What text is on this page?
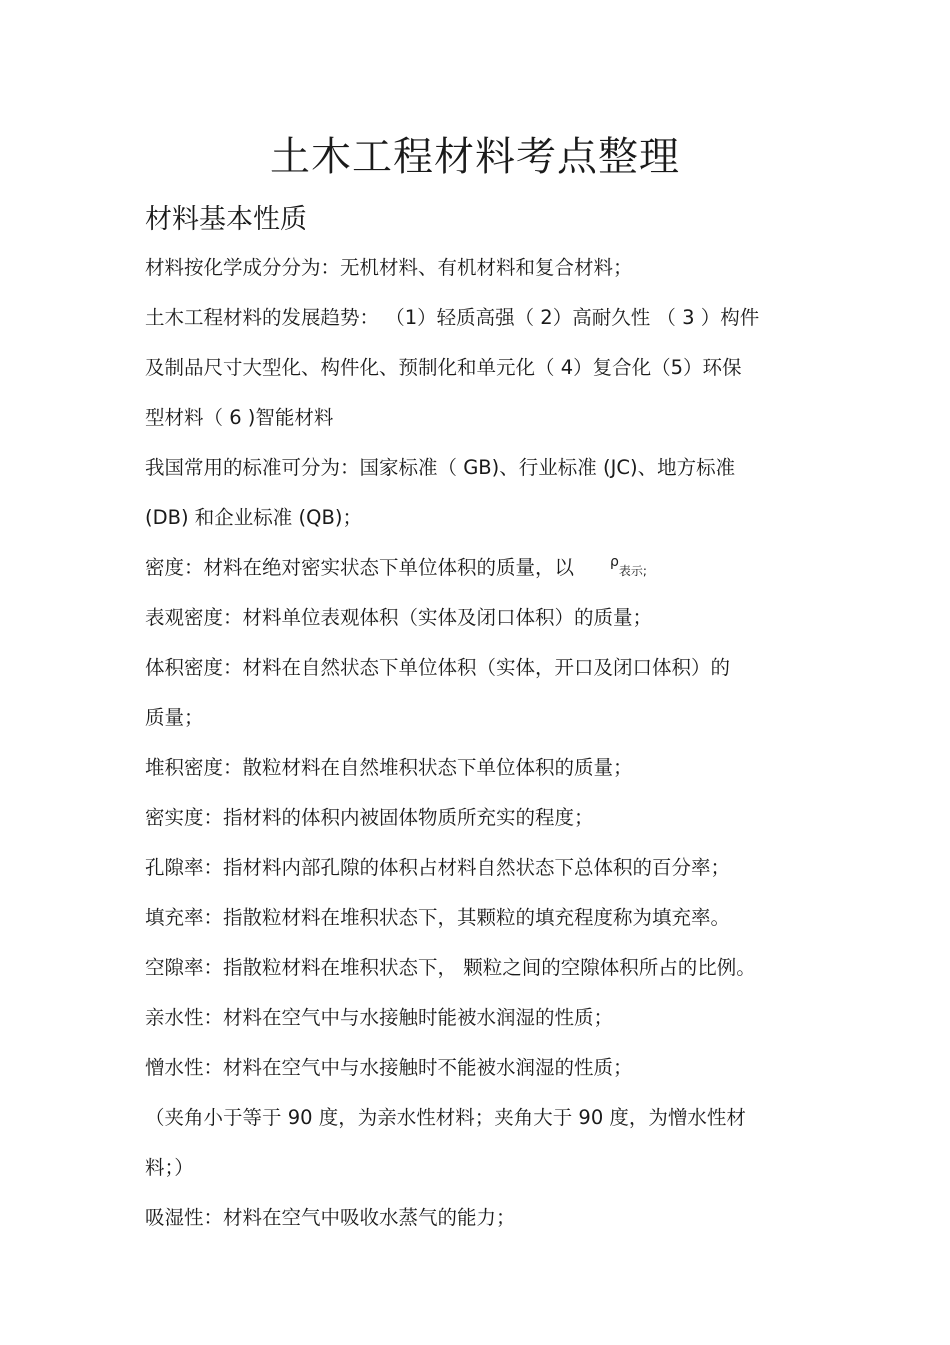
土木工程材料考点整理
材料基本性质
材料按化学成分分为：无机材料、有机材料和复合材料；
土木工程材料的发展趋势： （1）轻质高强（ 2）高耐久性 （ 3 ）构件
及制品尺寸大型化、构件化、预制化和单元化（ 4）复合化（5）环保
型材料（ 6 )智能材料
我国常用的标准可分为：国家标准（ GB)、行业标准 (JC)、地方标准
(DB) 和企业标准 (QB)；
密度：材料在绝对密实状态下单位体积的质量，以	$^\rho$表示;
表观密度：材料单位表观体积（实体及闭口体积）的质量；
体积密度：材料在自然状态下单位体积（实体，开口及闭口体积）的
质量；
堆积密度：散粒材料在自然堆积状态下单位体积的质量；
密实度：指材料的体积内被固体物质所充实的程度；
孔隙率：指材料内部孔隙的体积占材料自然状态下总体积的百分率；
填充率：指散粒材料在堆积状态下，其颗粒的填充程度称为填充率。
空隙率：指散粒材料在堆积状态下， 颗粒之间的空隙体积所占的比例。
亲水性：材料在空气中与水接触时能被水润湿的性质；
憎水性：材料在空气中与水接触时不能被水润湿的性质；
（夹角小于等于 90 度，为亲水性材料；夹角大于 90 度，为憎水性材
料；）
吸湿性：材料在空气中吸收水蒸气的能力；
